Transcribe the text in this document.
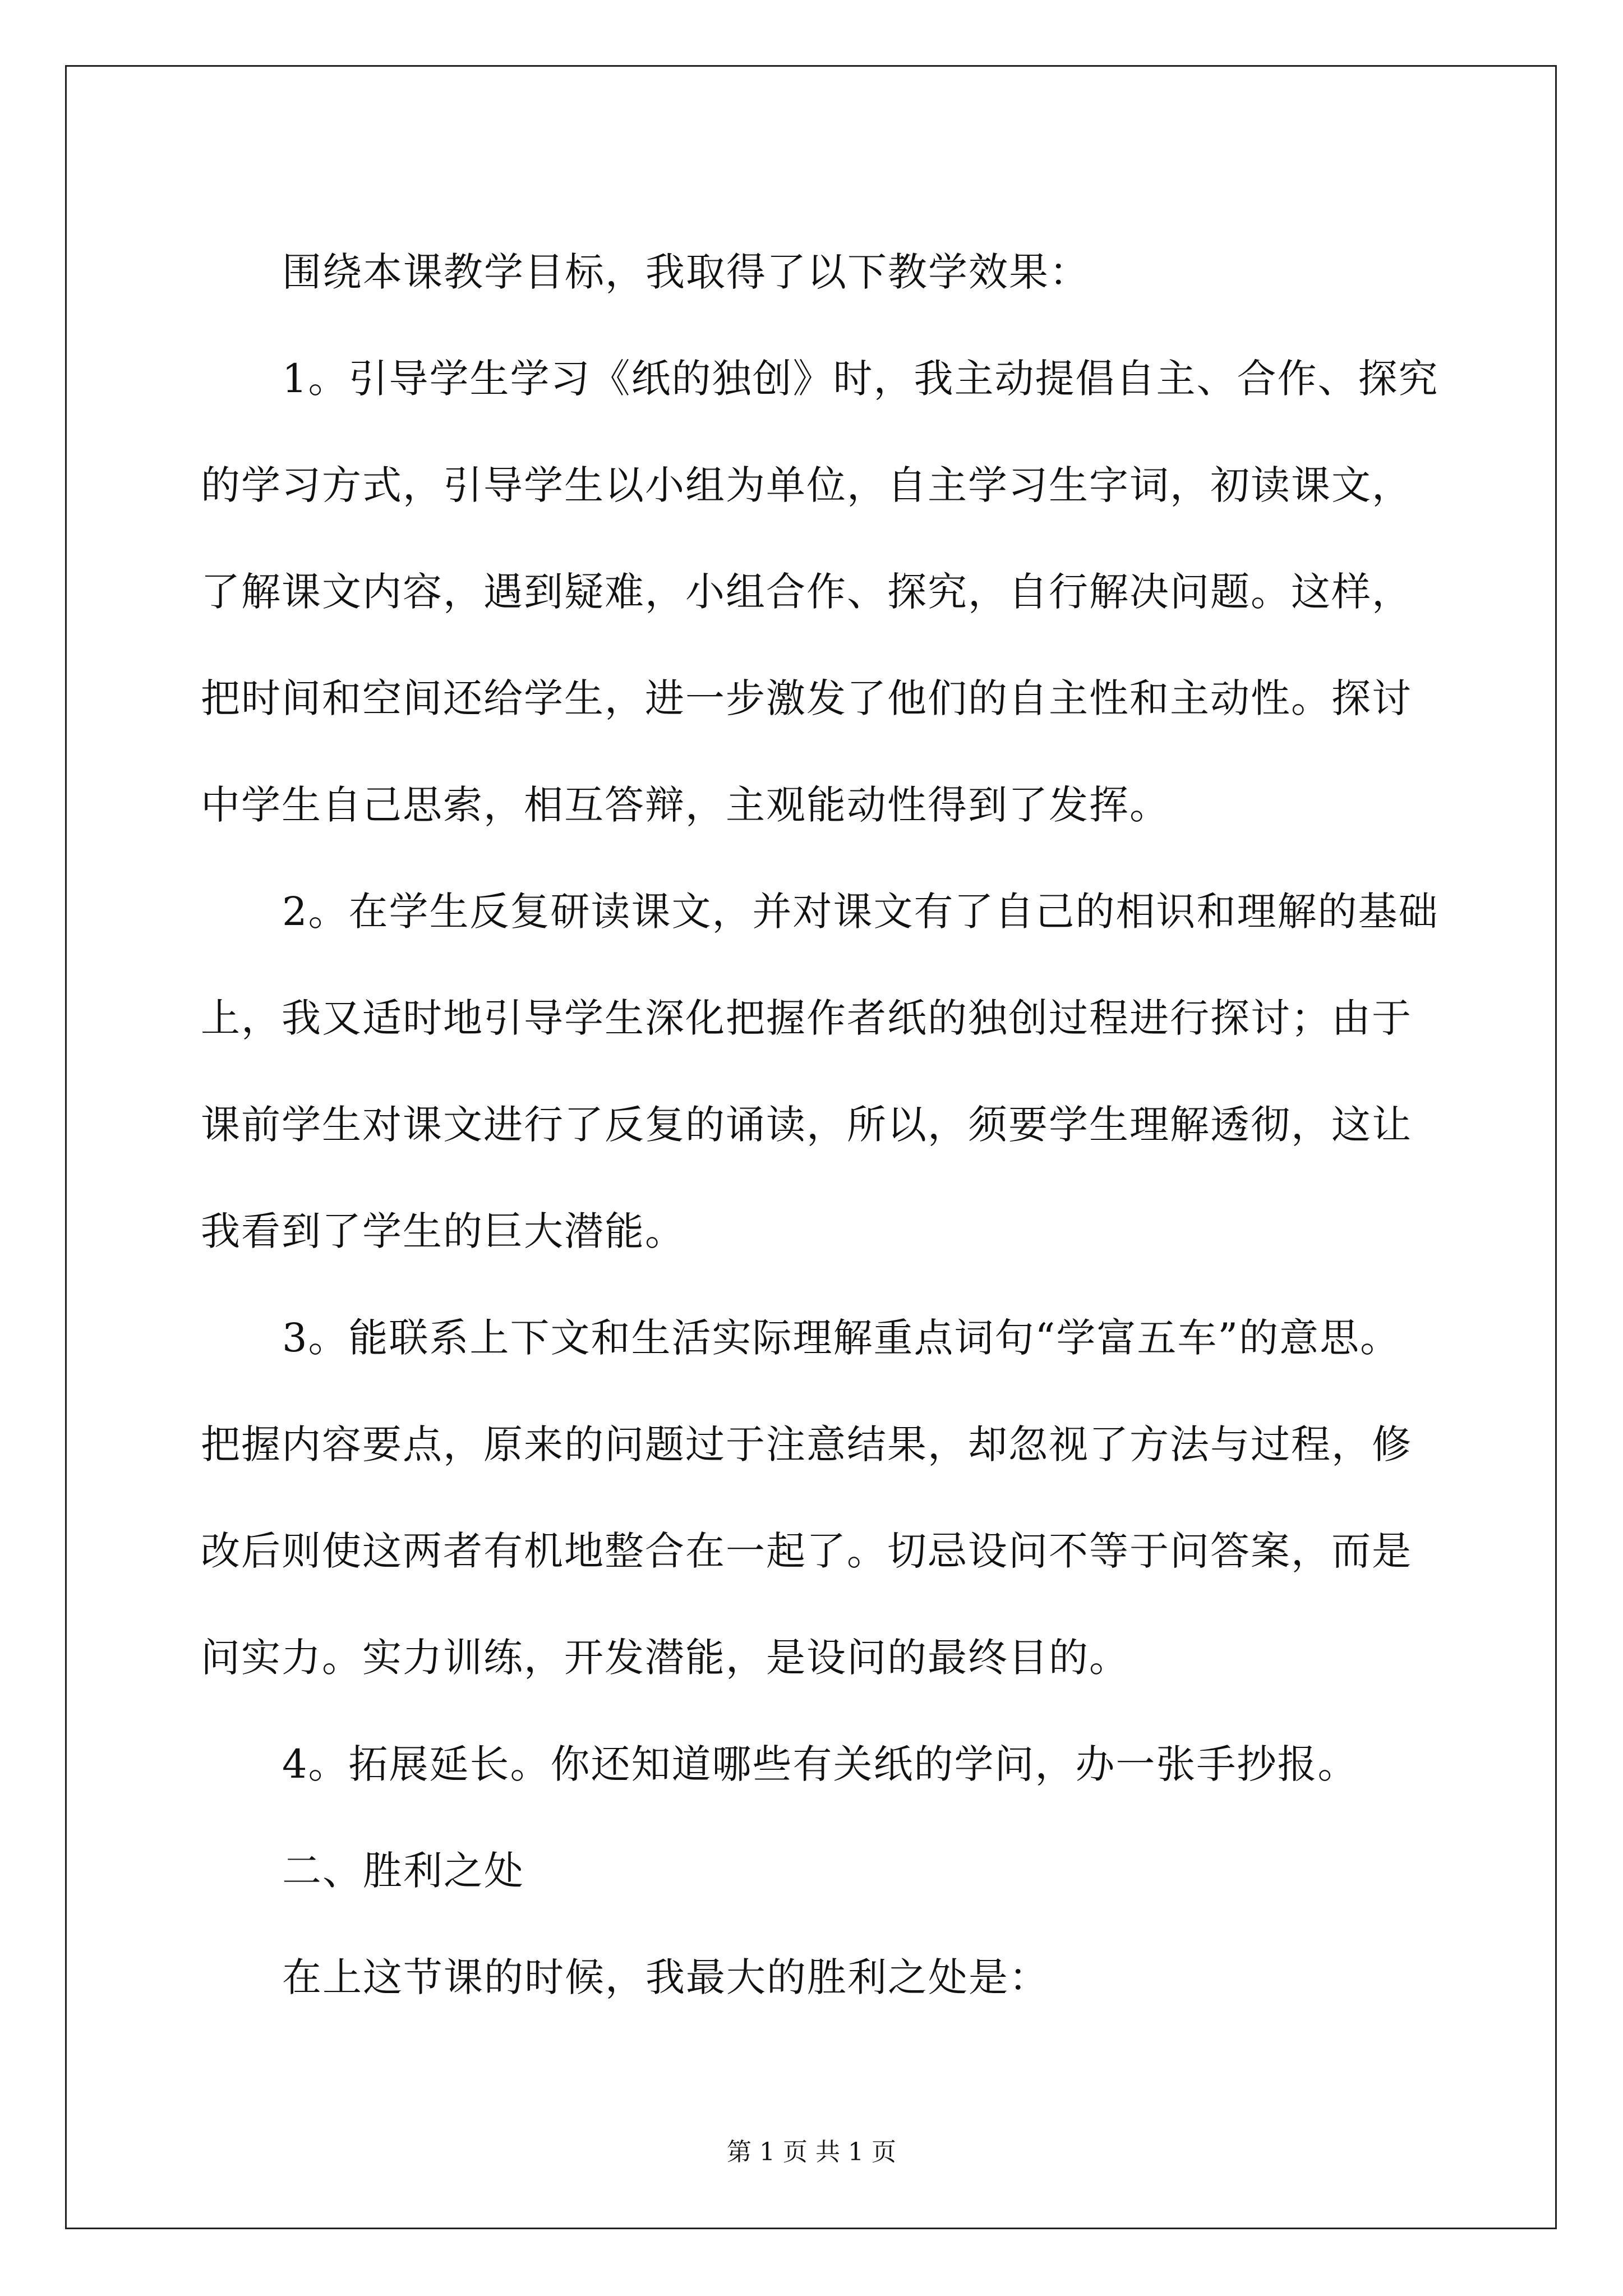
围绕本课教学目标，我取得了以下教学效果：
1。引导学生学习《纸的独创》时，我主动提倡自主、合作、探究
的学习方式，引导学生以小组为单位，自主学习生字词，初读课文，
了解课文内容，遇到疑难，小组合作、探究，自行解决问题。这样，
把时间和空间还给学生，进一步激发了他们的自主性和主动性。探讨
中学生自己思索，相互答辩，主观能动性得到了发挥。
2。在学生反复研读课文，并对课文有了自己的相识和理解的基础
上，我又适时地引导学生深化把握作者纸的独创过程进行探讨；由于
课前学生对课文进行了反复的诵读，所以，须要学生理解透彻，这让
我看到了学生的巨大潜能。
3。能联系上下文和生活实际理解重点词句“学富五车”的意思。
把握内容要点，原来的问题过于注意结果，却忽视了方法与过程，修
改后则使这两者有机地整合在一起了。切忌设问不等于问答案，而是
问实力。实力训练，开发潜能，是设问的最终目的。
4。拓展延长。你还知道哪些有关纸的学问，办一张手抄报。
二、胜利之处
在上这节课的时候，我最大的胜利之处是：
第 1 页 共 1 页
